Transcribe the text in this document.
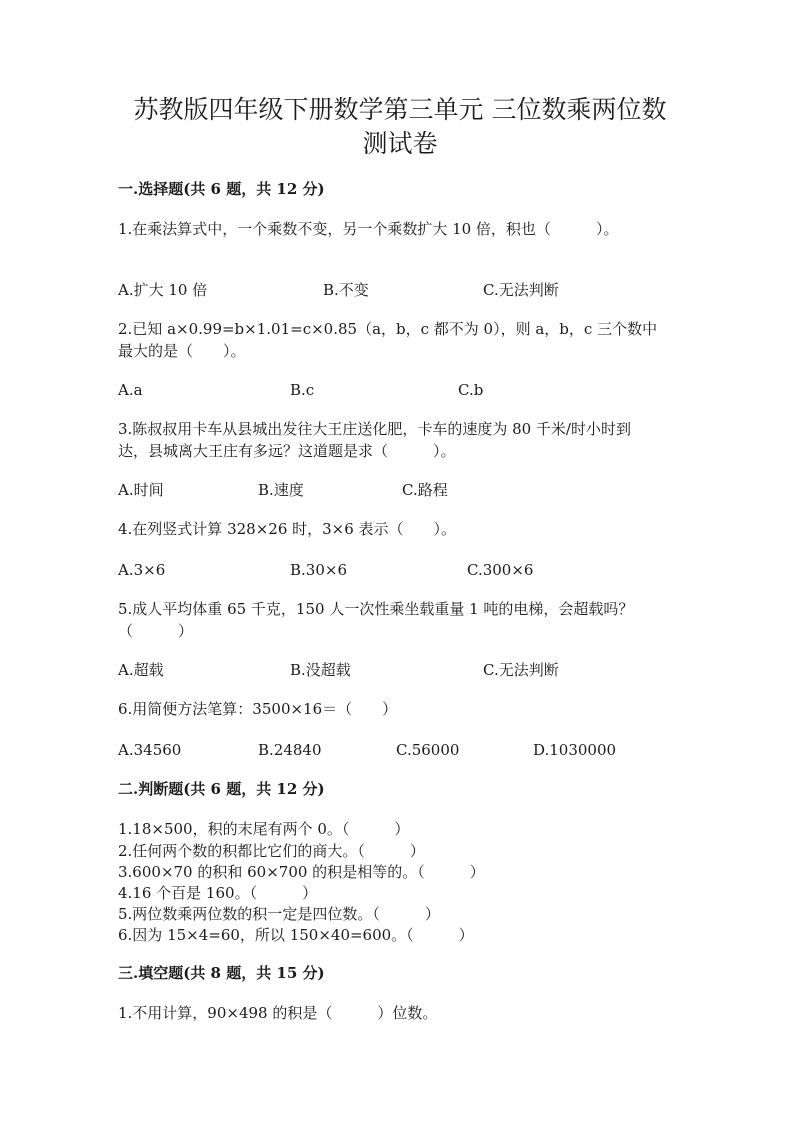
苏教版四年级下册数学第三单元 三位数乘两位数
测试卷
一.选择题(共 6 题，共 12 分)
1.在乘法算式中，一个乘数不变，另一个乘数扩大 10 倍，积也（　　　）。
A.扩大 10 倍	B.不变	C.无法判断
2.已知 a×0.99=b×1.01=c×0.85（a，b，c 都不为 0），则 a，b，c 三个数中
最大的是（　　）。
A.a	B.c	C.b
3.陈叔叔用卡车从县城出发往大王庄送化肥，卡车的速度为 80 千米/时小时到
达，县城离大王庄有多远？这道题是求（　　　）。
A.时间	B.速度	C.路程
4.在列竖式计算 328×26 时，3×6 表示（　　）。
A.3×6	B.30×6	C.300×6
5.成人平均体重 65 千克，150 人一次性乘坐载重量 1 吨的电梯，会超载吗？
（　　　）
A.超载	B.没超载	C.无法判断
6.用简便方法笔算：3500×16＝（　　）
A.34560	B.24840	C.56000	D.1030000
二.判断题(共 6 题，共 12 分)
1.18×500，积的末尾有两个 0。（　　　）
2.任何两个数的积都比它们的商大。（　　　）
3.600×70 的积和 60×700 的积是相等的。（　　　）
4.16 个百是 160。（　　　）
5.两位数乘两位数的积一定是四位数。（　　　）
6.因为 15×4=60，所以 150×40=600。（　　　）
三.填空题(共 8 题，共 15 分)
1.不用计算，90×498 的积是（　　　）位数。
